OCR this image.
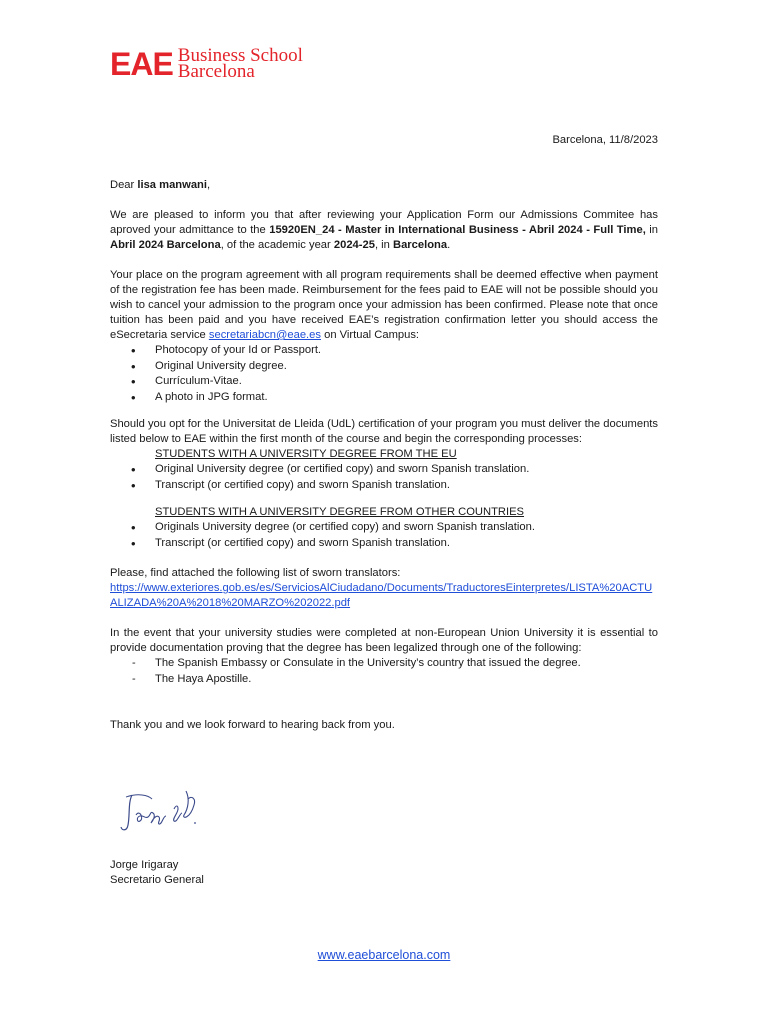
EAE Business School
Barcelona
Barcelona, 11/8/2023

Dear lisa manwani,

We are pleased to inform you that after reviewing your Application Form our Admissions Commitee has aproved your admittance to the 15920EN_24 - Master in International Business - Abril 2024 - Full Time, in Abril 2024 Barcelona, of the academic year 2024-25, in Barcelona.

Your place on the program agreement with all program requirements shall be deemed effective when payment of the registration fee has been made. Reimbursement for the fees paid to EAE will not be possible should you wish to cancel your admission to the program once your admission has been confirmed. Please note that once tuition has been paid and you have received EAE’s registration confirmation letter you should access the eSecretaria service secretariabcn@eae.es on Virtual Campus:

• Photocopy of your Id or Passport.
• Original University degree.
• Currículum-Vitae.
• A photo in JPG format.

Should you opt for the Universitat de Lleida (UdL) certification of your program you must deliver the documents listed below to EAE within the first month of the course and begin the corresponding processes:

STUDENTS WITH A UNIVERSITY DEGREE FROM THE EU
• Original University degree (or certified copy) and sworn Spanish translation.
• Transcript (or certified copy) and sworn Spanish translation.
STUDENTS WITH A UNIVERSITY DEGREE FROM OTHER COUNTRIES
• Originals University degree (or certified copy) and sworn Spanish translation.
• Transcript (or certified copy) and sworn Spanish translation.

Please, find attached the following list of sworn translators:

https://www.exteriores.gob.es/es/ServiciosAlCiudadano/Documents/TraductoresEinterpretes/LISTA%20ACTUALIZADA%20A%2018%20MARZO%202022.pdf

In the event that your university studies were completed at non-European Union University it is essential to provide documentation proving that the degree has been legalized through one of the following:

- The Spanish Embassy or Consulate in the University’s country that issued the degree.
- The Haya Apostille.

Thank you and we look forward to hearing back from you.

Jorge Irigaray
Secretario General
www.eaebarcelona.com
